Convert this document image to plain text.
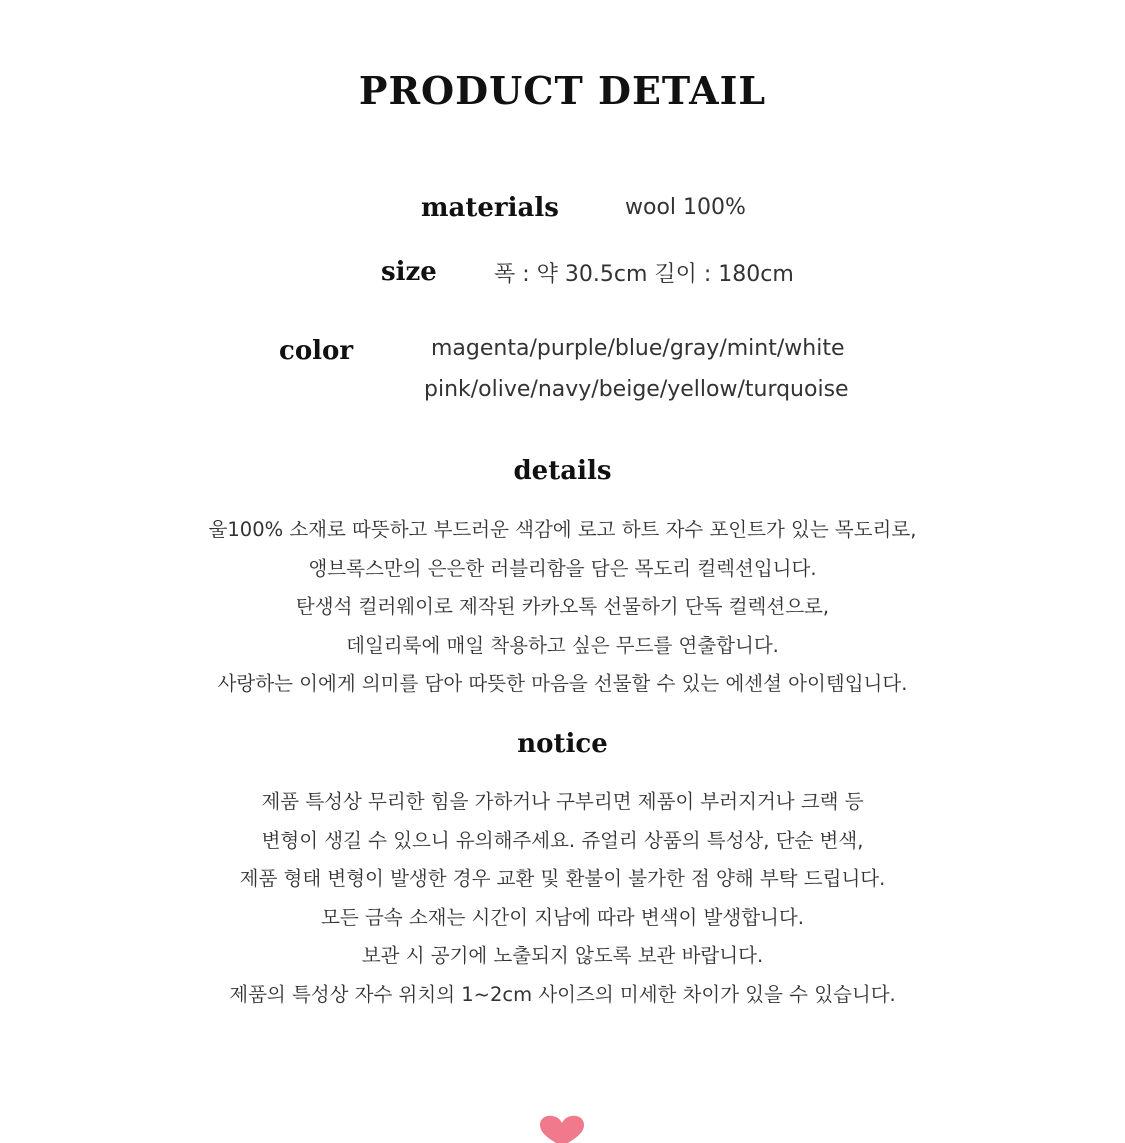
PRODUCT DETAIL
materials	wool 100%
size	폭 : 약 30.5cm 길이 : 180cm
color	magenta/purple/blue/gray/mint/white
pink/olive/navy/beige/yellow/turquoise
details
울100% 소재로 따뜻하고 부드러운 색감에 로고 하트 자수 포인트가 있는 목도리로,
앵브록스만의 은은한 러블리함을 담은 목도리 컬렉션입니다.
탄생석 컬러웨이로 제작된 카카오톡 선물하기 단독 컬렉션으로,
데일리룩에 매일 착용하고 싶은 무드를 연출합니다.
사랑하는 이에게 의미를 담아 따뜻한 마음을 선물할 수 있는 에센셜 아이템입니다.
notice
제품 특성상 무리한 힘을 가하거나 구부리면 제품이 부러지거나 크랙 등
변형이 생길 수 있으니 유의해주세요. 쥬얼리 상품의 특성상, 단순 변색,
제품 형태 변형이 발생한 경우 교환 및 환불이 불가한 점 양해 부탁 드립니다.
모든 금속 소재는 시간이 지남에 따라 변색이 발생합니다.
보관 시 공기에 노출되지 않도록 보관 바랍니다.
제품의 특성상 자수 위치의 1~2cm 사이즈의 미세한 차이가 있을 수 있습니다.
